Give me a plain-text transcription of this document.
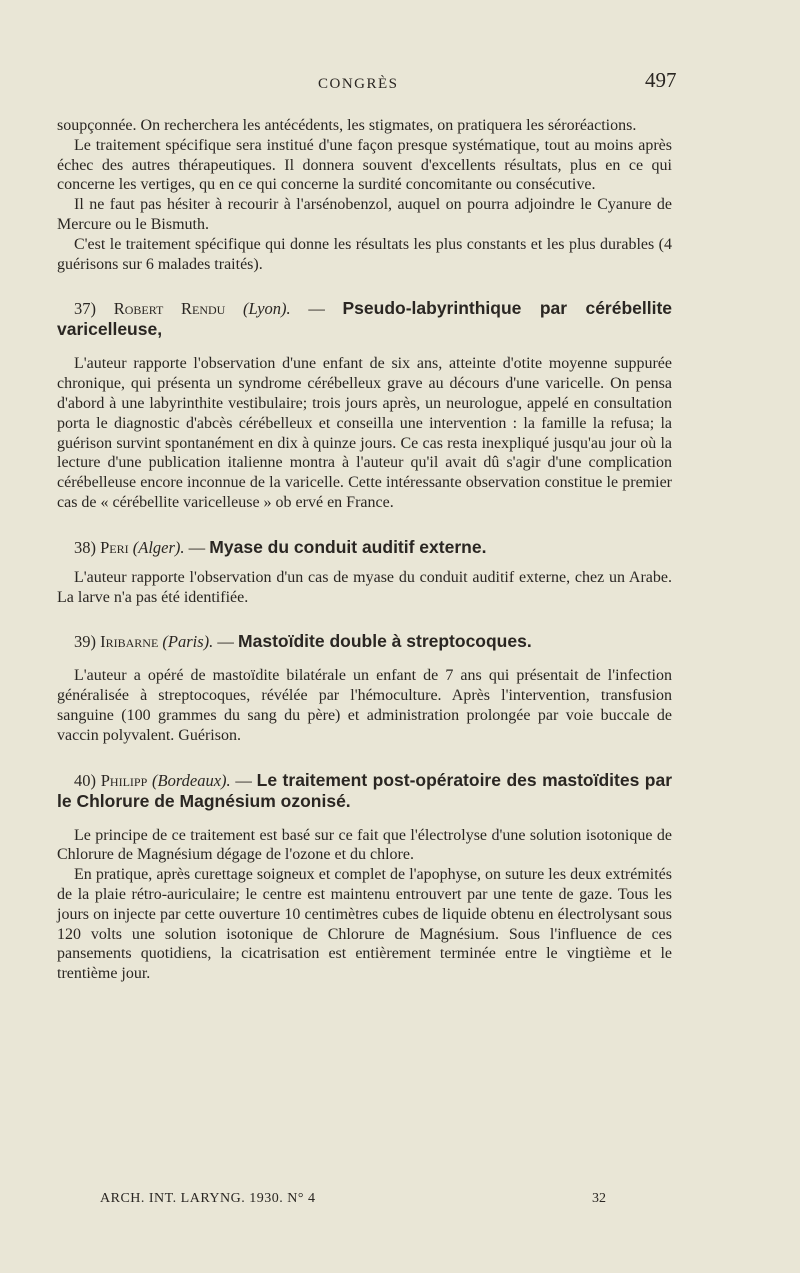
CONGRÈS	497

soupçonnée. On recherchera les antécédents, les stigmates, on pratiquera les séroréactions.

Le traitement spécifique sera institué d'une façon presque systématique, tout au moins après échec des autres thérapeutiques. Il donnera souvent d'excellents résultats, plus en ce qui concerne les vertiges, qu en ce qui concerne la surdité concomitante ou consécutive.

Il ne faut pas hésiter à recourir à l'arsénobenzol, auquel on pourra adjoindre le Cyanure de Mercure ou le Bismuth.

C'est le traitement spécifique qui donne les résultats les plus constants et les plus durables (4 guérisons sur 6 malades traités).

37) Robert Rendu (Lyon). — Pseudo-labyrinthique par cérébellite varicelleuse,

L'auteur rapporte l'observation d'une enfant de six ans, atteinte d'otite moyenne suppurée chronique, qui présenta un syndrome cérébelleux grave au décours d'une varicelle. On pensa d'abord à une labyrinthite vestibulaire; trois jours après, un neurologue, appelé en consultation porta le diagnostic d'abcès cérébelleux et conseilla une intervention : la famille la refusa; la guérison survint spontanément en dix à quinze jours. Ce cas resta inexpliqué jusqu'au jour où la lecture d'une publication italienne montra à l'auteur qu'il avait dû s'agir d'une complication cérébelleuse encore inconnue de la varicelle. Cette intéressante observation constitue le premier cas de « cérébellite varicelleuse » ob ervé en France.

38) Peri (Alger). — Myase du conduit auditif externe.

L'auteur rapporte l'observation d'un cas de myase du conduit auditif externe, chez un Arabe. La larve n'a pas été identifiée.

39) Iribarne (Paris). — Mastoïdite double à streptocoques.

L'auteur a opéré de mastoïdite bilatérale un enfant de 7 ans qui présentait de l'infection généralisée à streptocoques, révélée par l'hémoculture. Après l'intervention, transfusion sanguine (100 grammes du sang du père) et administration prolongée par voie buccale de vaccin polyvalent. Guérison.

40) Philipp (Bordeaux). — Le traitement post-opératoire des mastoïdites par le Chlorure de Magnésium ozonisé.

Le principe de ce traitement est basé sur ce fait que l'électrolyse d'une solution isotonique de Chlorure de Magnésium dégage de l'ozone et du chlore.

En pratique, après curettage soigneux et complet de l'apophyse, on suture les deux extrémités de la plaie rétro-auriculaire; le centre est maintenu entrouvert par une tente de gaze. Tous les jours on injecte par cette ouverture 10 centimètres cubes de liquide obtenu en électrolysant sous 120 volts une solution isotonique de Chlorure de Magnésium. Sous l'influence de ces pansements quotidiens, la cicatrisation est entièrement terminée entre le vingtième et le trentième jour.

ARCH. INT. LARYNG. 1930. N° 4	32
